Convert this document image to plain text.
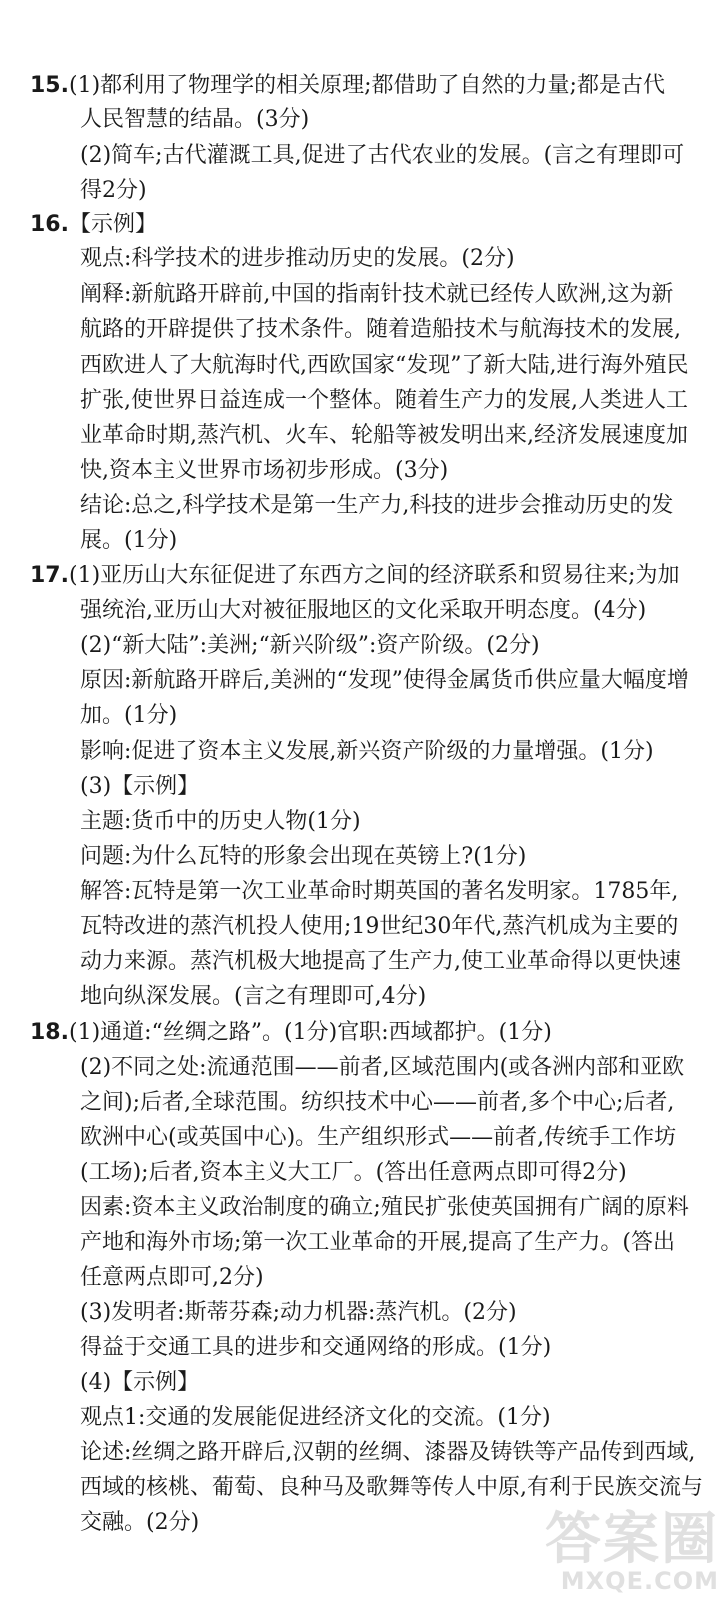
15.(1)都利用了物理学的相关原理;都借助了自然的力量;都是古代
人民智慧的结晶。(3分)
(2)简车;古代灌溉工具,促进了古代农业的发展。(言之有理即可
得2分)
16.【示例】
观点:科学技术的进步推动历史的发展。(2分)
阐释:新航路开辟前,中国的指南针技术就已经传人欧洲,这为新
航路的开辟提供了技术条件。随着造船技术与航海技术的发展,
西欧进人了大航海时代,西欧国家“发现”了新大陆,进行海外殖民
扩张,使世界日益连成一个整体。随着生产力的发展,人类进人工
业革命时期,蒸汽机、火车、轮船等被发明出来,经济发展速度加
快,资本主义世界市场初步形成。(3分)
结论:总之,科学技术是第一生产力,科技的进步会推动历史的发
展。(1分)
17.(1)亚历山大东征促进了东西方之间的经济联系和贸易往来;为加
强统治,亚历山大对被征服地区的文化采取开明态度。(4分)
(2)“新大陆”:美洲;“新兴阶级”:资产阶级。(2分)
原因:新航路开辟后,美洲的“发现”使得金属货币供应量大幅度增
加。(1分)
影响:促进了资本主义发展,新兴资产阶级的力量增强。(1分)
(3)【示例】
主题:货币中的历史人物(1分)
问题:为什么瓦特的形象会出现在英镑上?(1分)
解答:瓦特是第一次工业革命时期英国的著名发明家。1785年,
瓦特改进的蒸汽机投人使用;19世纪30年代,蒸汽机成为主要的
动力来源。蒸汽机极大地提高了生产力,使工业革命得以更快速
地向纵深发展。(言之有理即可,4分)
18.(1)通道:“丝绸之路”。(1分)官职:西域都护。(1分)
(2)不同之处:流通范围——前者,区域范围内(或各洲内部和亚欧
之间);后者,全球范围。纺织技术中心——前者,多个中心;后者,
欧洲中心(或英国中心)。生产组织形式——前者,传统手工作坊
(工场);后者,资本主义大工厂。(答出任意两点即可得2分)
因素:资本主义政治制度的确立;殖民扩张使英国拥有广阔的原料
产地和海外市场;第一次工业革命的开展,提高了生产力。(答出
任意两点即可,2分)
(3)发明者:斯蒂芬森;动力机器:蒸汽机。(2分)
得益于交通工具的进步和交通网络的形成。(1分)
(4)【示例】
观点1:交通的发展能促进经济文化的交流。(1分)
论述:丝绸之路开辟后,汉朝的丝绸、漆器及铸铁等产品传到西域,
西域的核桃、葡萄、良种马及歌舞等传人中原,有利于民族交流与
交融。(2分)	答案圈
MXQE.COM
